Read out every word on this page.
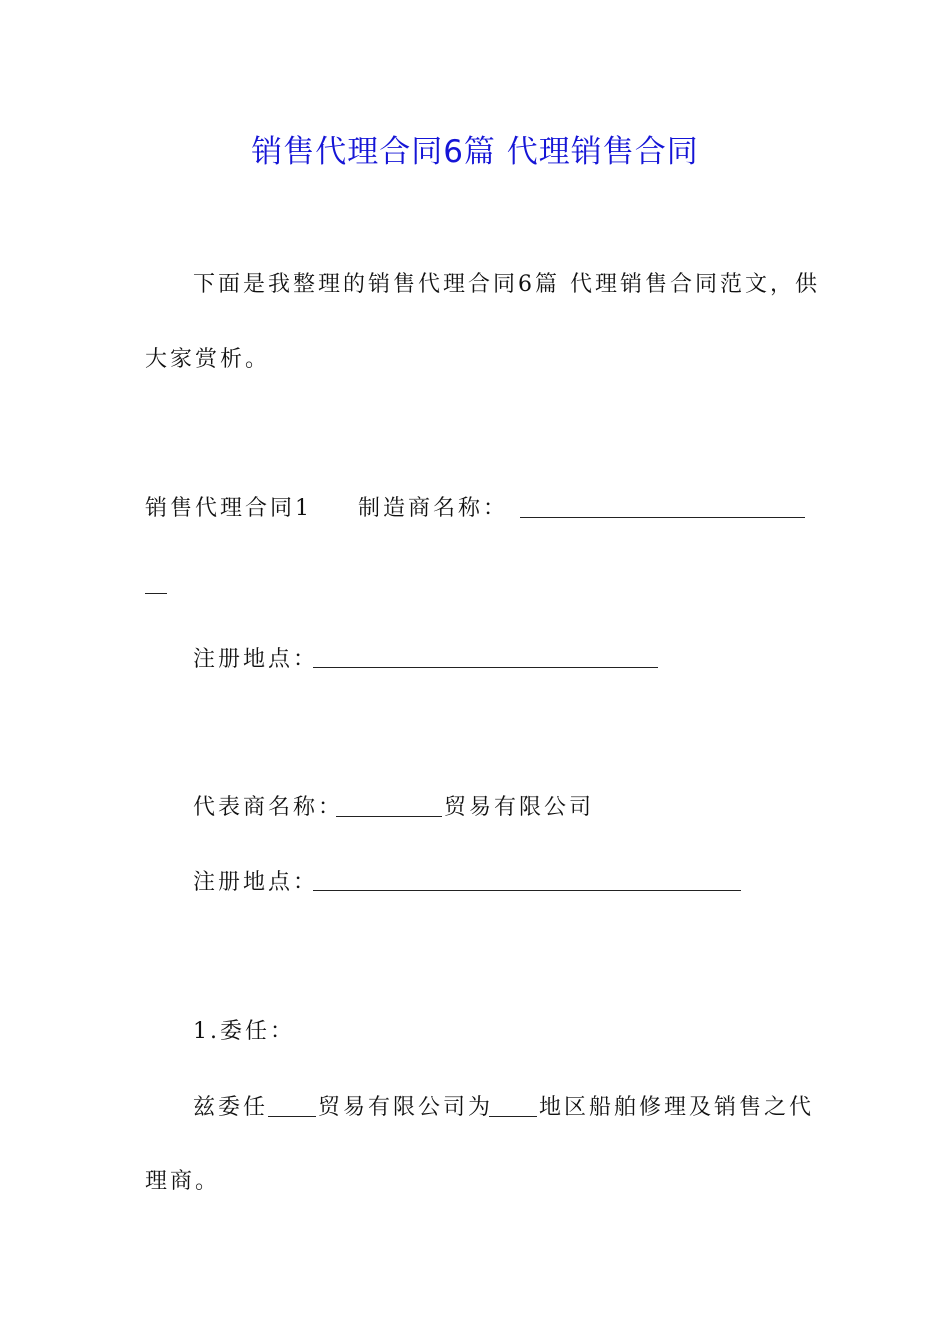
销售代理合同6篇 代理销售合同
下面是我整理的销售代理合同6篇 代理销售合同范文，供
大家赏析。
销售代理合同1 制造商名称：
注册地点：
代表商名称：	贸易有限公司
注册地点：
1.委任：
兹委任 贸易有限公司为 地区船舶修理及销售之代
理商。
